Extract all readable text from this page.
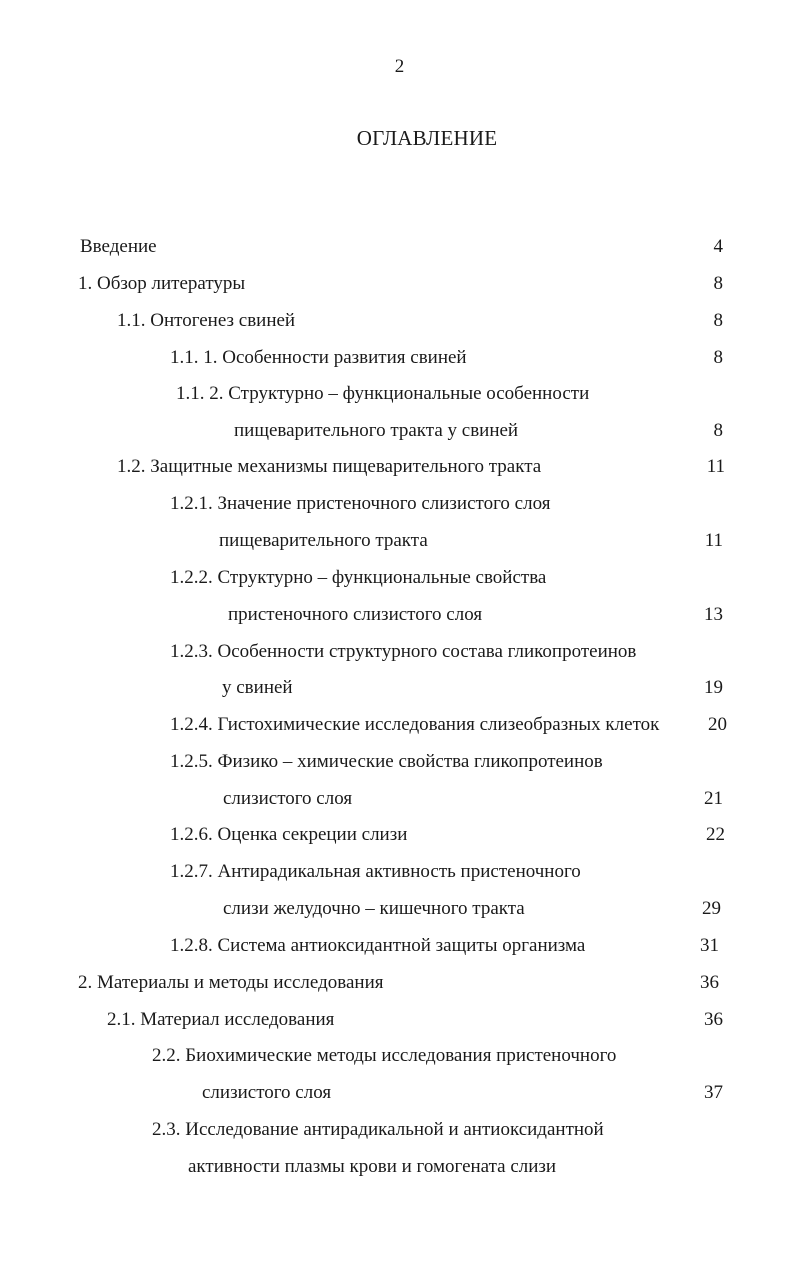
2
ОГЛАВЛЕНИЕ
Введение	4
1. Обзор литературы	8
1.1. Онтогенез свиней	8
1.1. 1. Особенности развития свиней	8
1.1. 2. Структурно – функциональные особенности
пищеварительного тракта у свиней	8
1.2. Защитные механизмы пищеварительного тракта	11
1.2.1. Значение пристеночного слизистого слоя
пищеварительного тракта	11
1.2.2. Структурно – функциональные свойства
пристеночного слизистого слоя	13
1.2.3. Особенности структурного состава гликопротеинов
у свиней	19
1.2.4. Гистохимические исследования слизеобразных клеток	20
1.2.5. Физико – химические свойства гликопротеинов
слизистого слоя	21
1.2.6. Оценка секреции слизи	22
1.2.7. Антирадикальная активность пристеночного
слизи желудочно – кишечного тракта	29
1.2.8. Система антиоксидантной защиты организма	31
2. Материалы и методы исследования	36
2.1. Материал исследования	36
2.2. Биохимические методы исследования пристеночного
слизистого слоя	37
2.3. Исследование антирадикальной и антиоксидантной
активности плазмы крови и гомогената слизи
